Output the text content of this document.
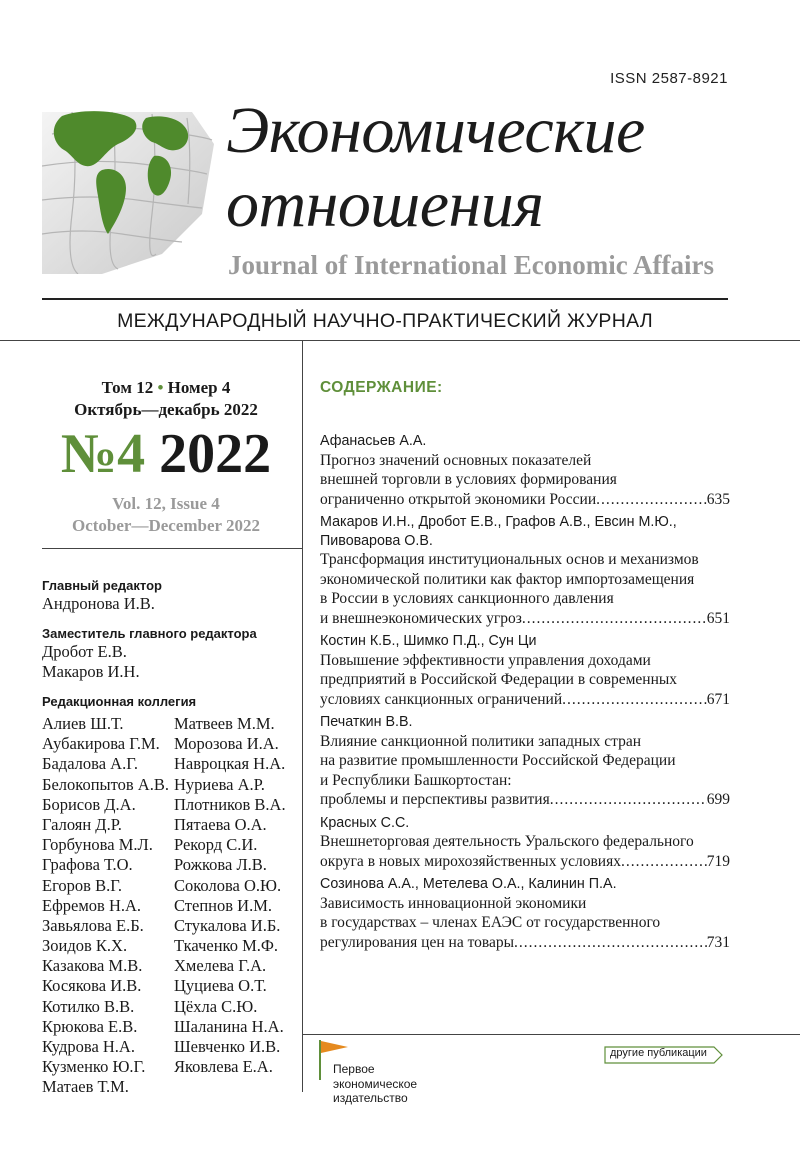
ISSN 2587-8921
Экономические
отношения
Journal of International Economic Affairs
МЕЖДУНАРОДНЫЙ НАУЧНО-ПРАКТИЧЕСКИЙ ЖУРНАЛ
Том 12 • Номер 4
Октябрь—декабрь 2022
№4 2022
Vol. 12, Issue 4
October—December 2022
Главный редактор
Андронова И.В.
Заместитель главного редактора
Дробот Е.В.
Макаров И.Н.
Редакционная коллегия
Алиев Ш.Т.
Аубакирова Г.М.
Бадалова А.Г.
Белокопытов А.В.
Борисов Д.А.
Галоян Д.Р.
Горбунова М.Л.
Графова Т.О.
Егоров В.Г.
Ефремов Н.А.
Завьялова Е.Б.
Зоидов К.Х.
Казакова М.В.
Косякова И.В.
Котилко В.В.
Крюкова Е.В.
Кудрова Н.А.
Кузменко Ю.Г.
Матаев Т.М.
Матвеев М.М.
Морозова И.А.
Навроцкая Н.А.
Нуриева А.Р.
Плотников В.А.
Пятаева О.А.
Рекорд С.И.
Рожкова Л.В.
Соколова О.Ю.
Степнов И.М.
Стукалова И.Б.
Ткаченко М.Ф.
Хмелева Г.А.
Цуциева О.Т.
Цёхла С.Ю.
Шаланина Н.А.
Шевченко И.В.
Яковлева Е.А.
СОДЕРЖАНИЕ:
Афанасьев А.А.
Прогноз значений основных показателей
внешней торговли в условиях формирования
ограниченно открытой экономики России .....	635
Макаров И.Н., Дробот Е.В., Графов А.В., Евсин М.Ю.,
Пивоварова О.В.
Трансформация институциональных основ и механизмов
экономической политики как фактор импортозамещения
в России в условиях санкционного давления
и внешнеэкономических угроз .....	651
Костин К.Б., Шимко П.Д., Сун Ци
Повышение эффективности управления доходами
предприятий в Российской Федерации в современных
условиях санкционных ограничений .....	671
Печаткин В.В.
Влияние санкционной политики западных стран
на развитие промышленности Российской Федерации
и Республики Башкортостан:
проблемы и перспективы развития .....	699
Красных С.С.
Внешнеторговая деятельность Уральского федерального
округа в новых мирохозяйственных условиях .....	719
Созинова А.А., Метелева О.А., Калинин П.А.
Зависимость инновационной экономики
в государствах – членах ЕАЭС от государственного
регулирования цен на товары .....	731
Первое
экономическое
издательство
другие публикации
